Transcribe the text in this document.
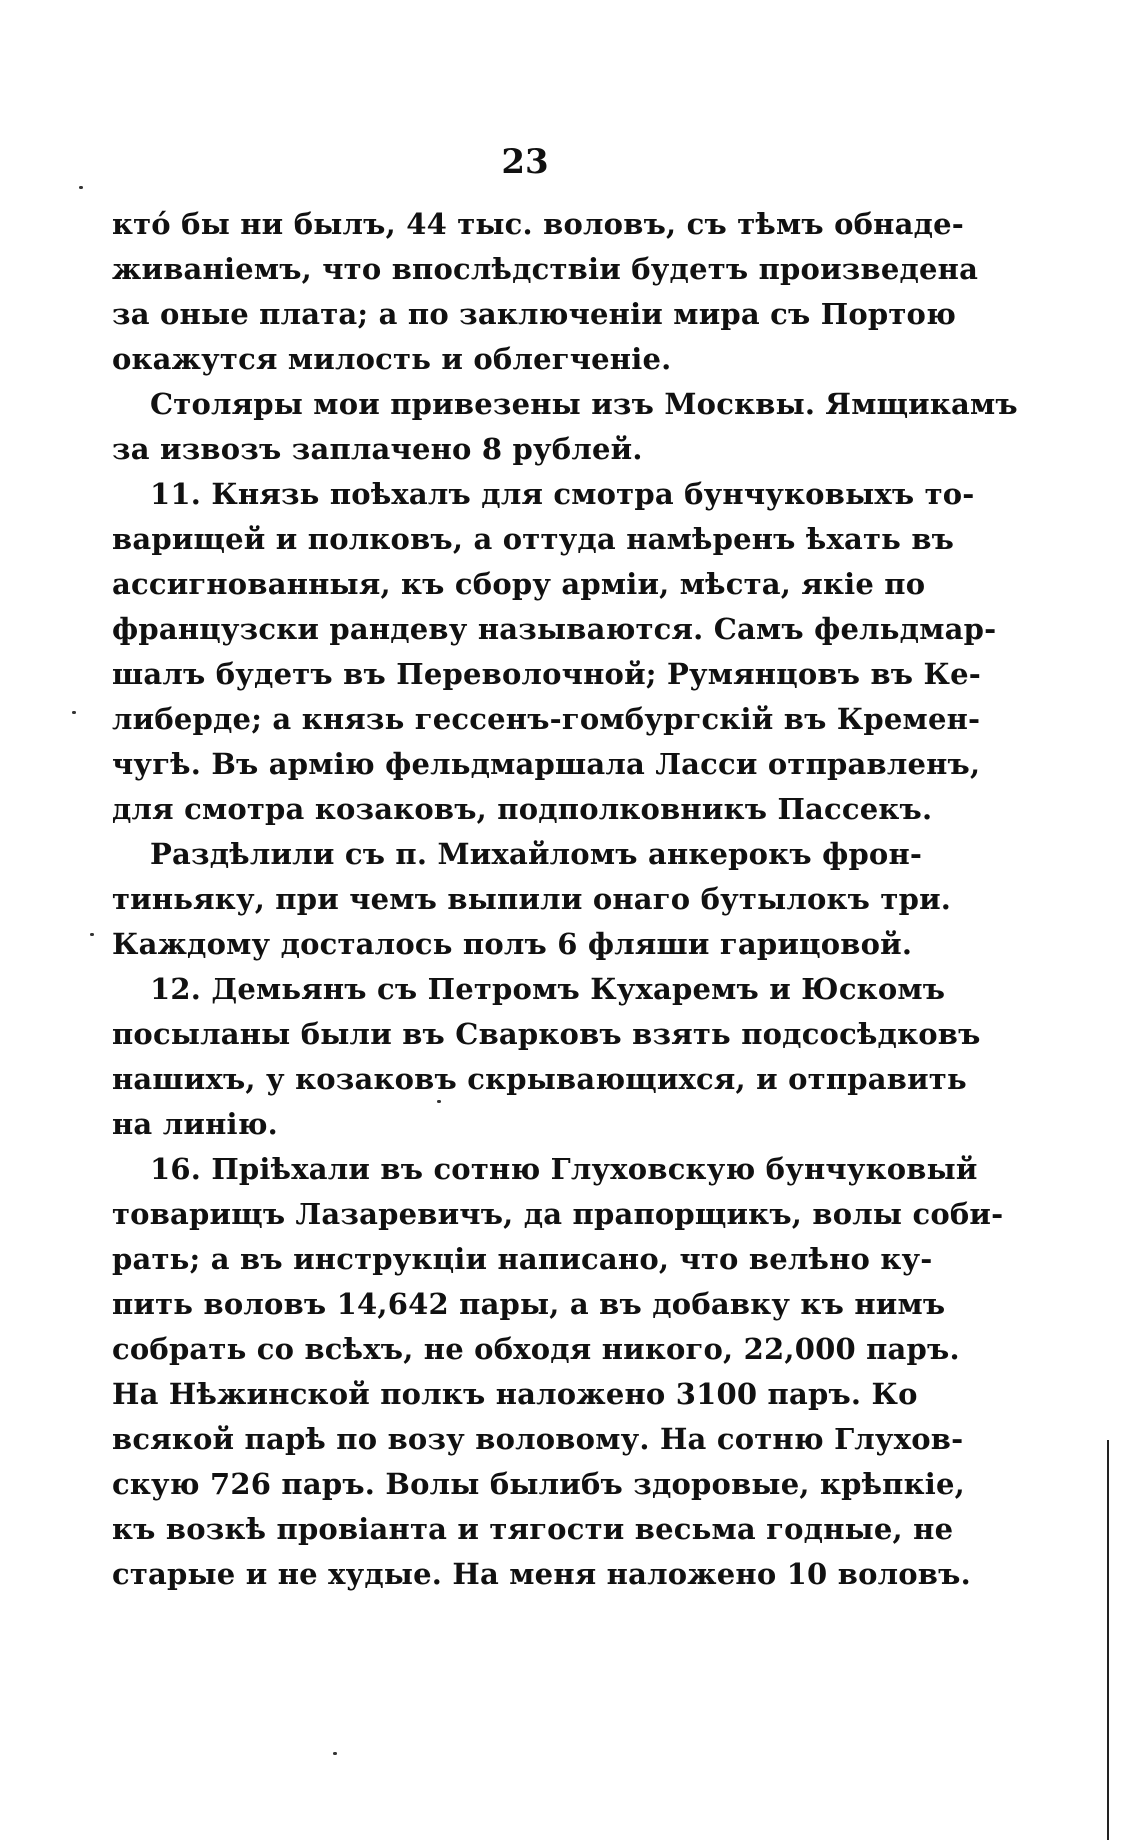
23
ктó бы ни былъ, 44 тыс. воловъ, съ тѣмъ обнаде-
живаніемъ, что впослѣдствіи будетъ произведена
за оные плата; а по заключеніи мира съ Портою
окажутся милость и облегченіе.
Столяры мои привезены изъ Москвы. Ямщикамъ
за извозъ заплачено 8 рублей.
11. Князь поѣхалъ для смотра бунчуковыхъ то-
варищей и полковъ, а оттуда намѣренъ ѣхать въ
ассигнованныя, къ сбору арміи, мѣста, якіе по
французски рандеву называются. Самъ фельдмар-
шалъ будетъ въ Переволочной; Румянцовъ въ Ке-
либерде; а князь гессенъ-гомбургскій въ Кремен-
чугѣ. Въ армію фельдмаршала Ласси отправленъ,
для смотра козаковъ, подполковникъ Пассекъ.
Раздѣлили съ п. Михайломъ анкерокъ фрон-
тиньяку, при чемъ выпили онаго бутылокъ три.
Каждому досталось полъ 6 фляши гарицовой.
12. Демьянъ съ Петромъ Кухаремъ и Юскомъ
посыланы были въ Сварковъ взять подсосѣдковъ
нашихъ, у козаковъ скрывающихся, и отправить
на линію.
16. Пріѣхали въ сотню Глуховскую бунчуковый
товарищъ Лазаревичъ, да прапорщикъ, волы соби-
рать; а въ инструкціи написано, что велѣно ку-
пить воловъ 14,642 пары, а въ добавку къ нимъ
собрать со всѣхъ, не обходя никого, 22,000 паръ.
На Нѣжинской полкъ наложено 3100 паръ. Ко
всякой парѣ по возу воловому. На сотню Глухов-
скую 726 паръ. Волы былибъ здоровые, крѣпкіе,
къ возкѣ провіанта и тягости весьма годные, не
старые и не худые. На меня наложено 10 воловъ.
